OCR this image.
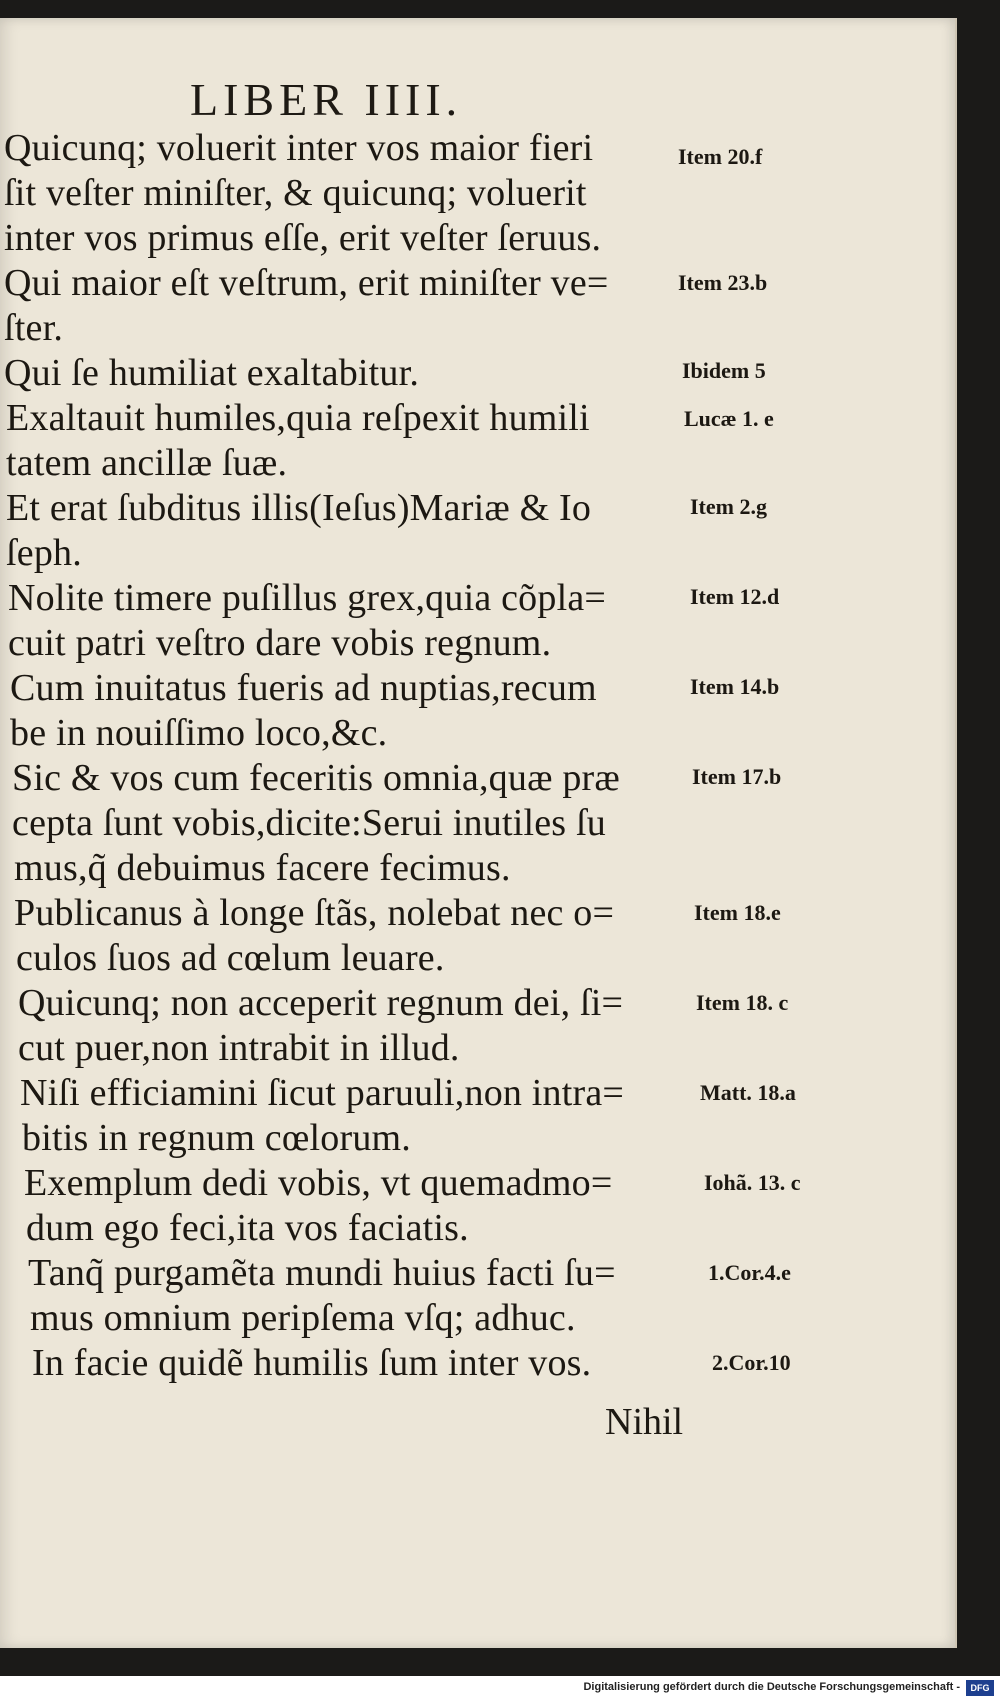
LIBER IIII.
Quicunq; voluerit inter vos maior fieri
ſit veſter miniſter, & quicunq; voluerit
inter vos primus eſſe, erit veſter ſeruus.
Qui maior eſt veſtrum, erit miniſter ve=
ſter.
Qui ſe humiliat exaltabitur.
Exaltauit humiles,quia reſpexit humili
tatem ancillæ ſuæ.
Et erat ſubditus illis(Ieſus)Mariæ & Io
ſeph.
Nolite timere puſillus grex,quia cõpla=
cuit patri veſtro dare vobis regnum.
Cum inuitatus fueris ad nuptias,recum
be in nouiſſimo loco,&c.
Sic & vos cum feceritis omnia,quæ præ
cepta ſunt vobis,dicite:Serui inutiles ſu
mus,q̃ debuimus facere fecimus.
Publicanus à longe ſtãs, nolebat nec o=
culos ſuos ad cœlum leuare.
Quicunq; non acceperit regnum dei, ſi=
cut puer,non intrabit in illud.
Niſi efficiamini ſicut paruuli,non intra=
bitis in regnum cœlorum.
Exemplum dedi vobis, vt quemadmo=
dum ego feci,ita vos faciatis.
Tanq̃ purgamẽta mundi huius facti ſu=
mus omnium peripſema vſq; adhuc.
In facie quidẽ humilis ſum inter vos.
Item 20.f
Item 23.b
Ibidem 5
Lucæ 1. e
Item 2.g
Item 12.d
Item 14.b
Item 17.b
Item 18.e
Item 18. c
Matt. 18.a
Iohã. 13. c
1.Cor.4.e
2.Cor.10
Nihil
Digitalisierung gefördert durch die Deutsche Forschungsgemeinschaft -	DFG
